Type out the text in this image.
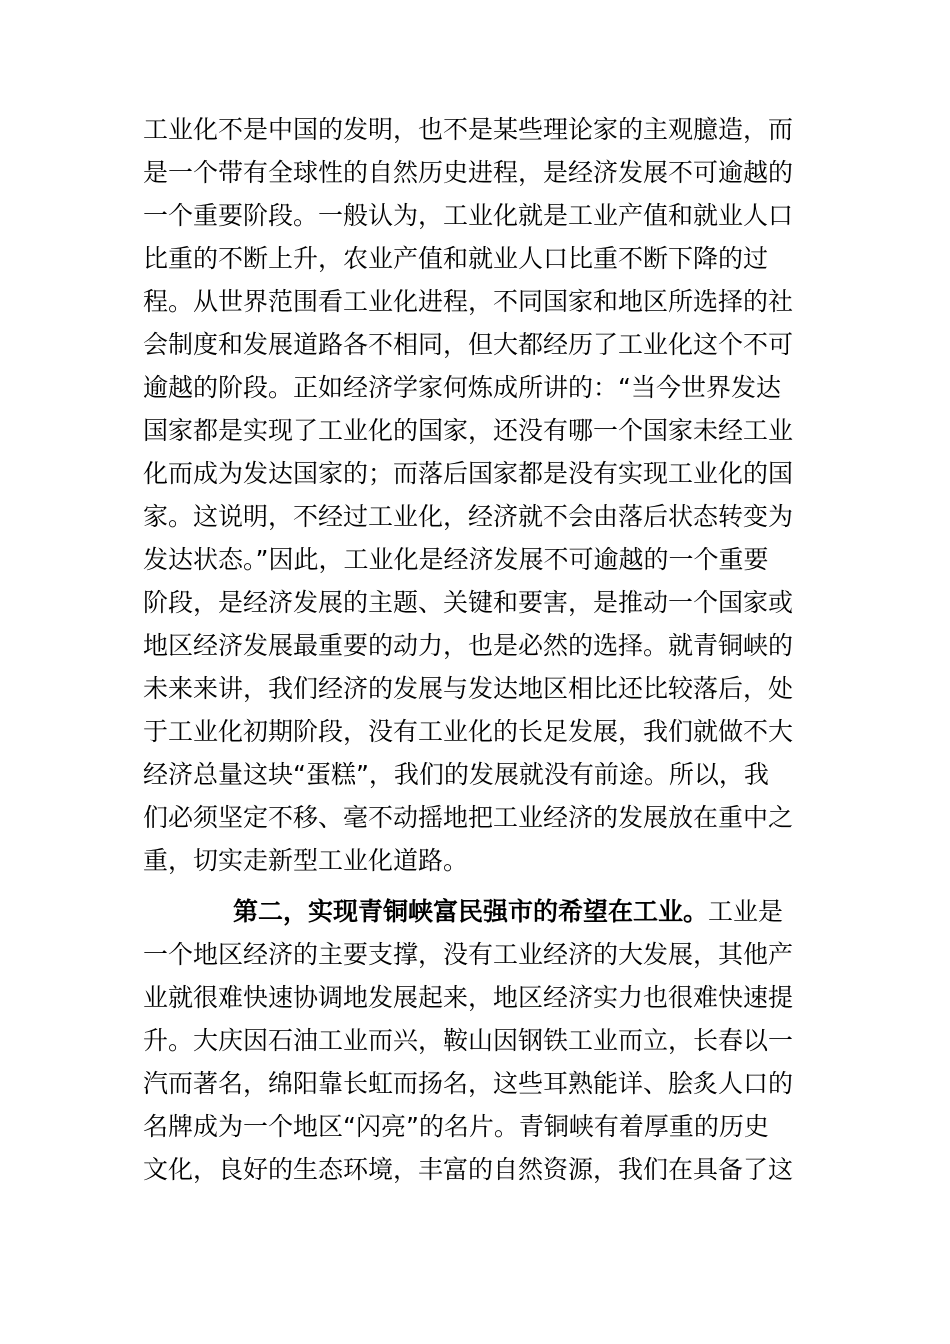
工业化不是中国的发明，也不是某些理论家的主观臆造，而
是一个带有全球性的自然历史进程，是经济发展不可逾越的
一个重要阶段。一般认为，工业化就是工业产值和就业人口
比重的不断上升，农业产值和就业人口比重不断下降的过
程。从世界范围看工业化进程，不同国家和地区所选择的社
会制度和发展道路各不相同，但大都经历了工业化这个不可
逾越的阶段。正如经济学家何炼成所讲的：“当今世界发达
国家都是实现了工业化的国家，还没有哪一个国家未经工业
化而成为发达国家的；而落后国家都是没有实现工业化的国
家。这说明，不经过工业化，经济就不会由落后状态转变为
发达状态。”因此，工业化是经济发展不可逾越的一个重要
阶段，是经济发展的主题、关键和要害，是推动一个国家或
地区经济发展最重要的动力，也是必然的选择。就青铜峡的
未来来讲，我们经济的发展与发达地区相比还比较落后，处
于工业化初期阶段，没有工业化的长足发展，我们就做不大
经济总量这块“蛋糕”，我们的发展就没有前途。所以，我
们必须坚定不移、毫不动摇地把工业经济的发展放在重中之
重，切实走新型工业化道路。
第二，实现青铜峡富民强市的希望在工业。工业是
一个地区经济的主要支撑，没有工业经济的大发展，其他产
业就很难快速协调地发展起来，地区经济实力也很难快速提
升。大庆因石油工业而兴，鞍山因钢铁工业而立，长春以一
汽而著名，绵阳靠长虹而扬名，这些耳熟能详、脍炙人口的
名牌成为一个地区“闪亮”的名片。青铜峡有着厚重的历史
文化，良好的生态环境，丰富的自然资源，我们在具备了这
